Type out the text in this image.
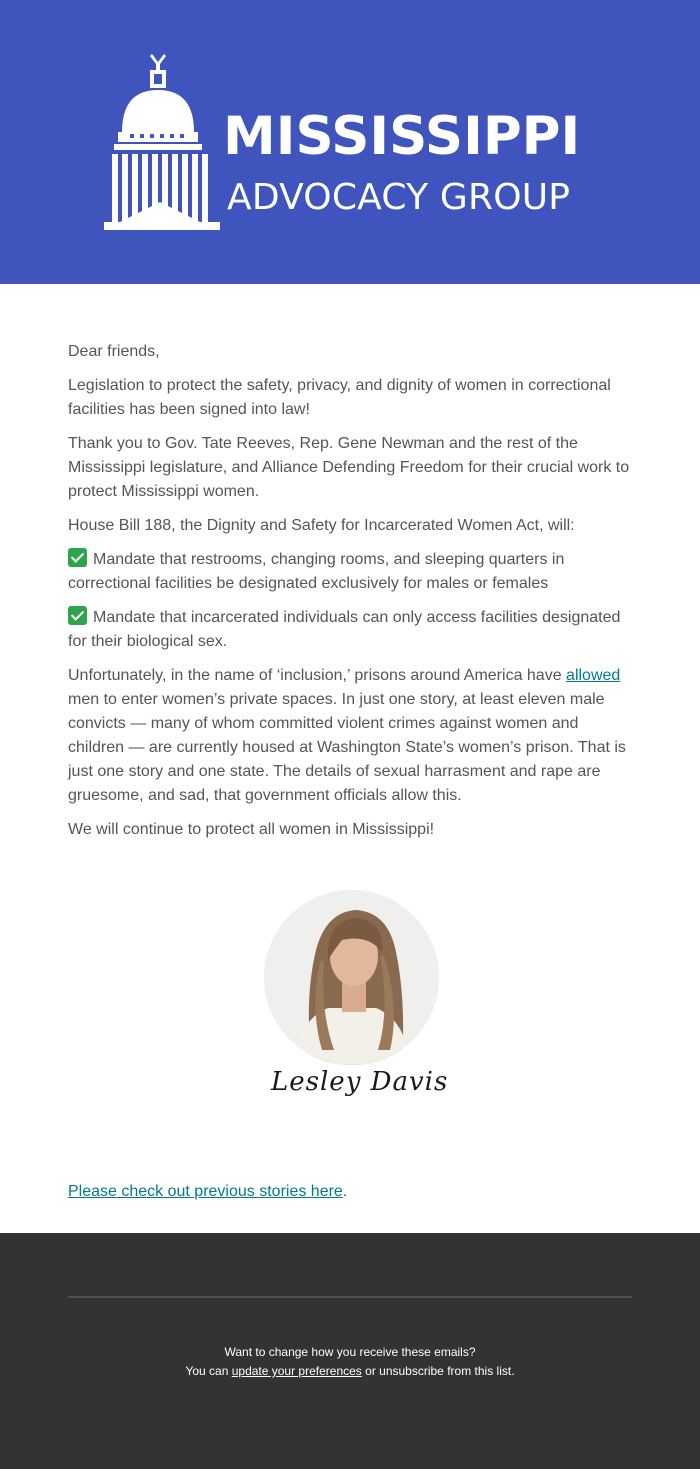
MISSISSIPPI
ADVOCACY GROUP

Dear friends,

Legislation to protect the safety, privacy, and dignity of women in correctional facilities has been signed into law!

Thank you to Gov. Tate Reeves, Rep. Gene Newman and the rest of the Mississippi legislature, and Alliance Defending Freedom for their crucial work to protect Mississippi women.

House Bill 188, the Dignity and Safety for Incarcerated Women Act, will:

Mandate that restrooms, changing rooms, and sleeping quarters in correctional facilities be designated exclusively for males or females

Mandate that incarcerated individuals can only access facilities designated for their biological sex.

Unfortunately, in the name of ‘inclusion,’ prisons around America have allowed men to enter women’s private spaces. In just one story, at least eleven male convicts — many of whom committed violent crimes against women and children — are currently housed at Washington State’s women’s prison. That is just one story and one state. The details of sexual harrasment and rape are gruesome, and sad, that government officials allow this.

We will continue to protect all women in Mississippi!

Lesley Davis

Please check out previous stories here.

Want to change how you receive these emails?
You can update your preferences or unsubscribe from this list.
